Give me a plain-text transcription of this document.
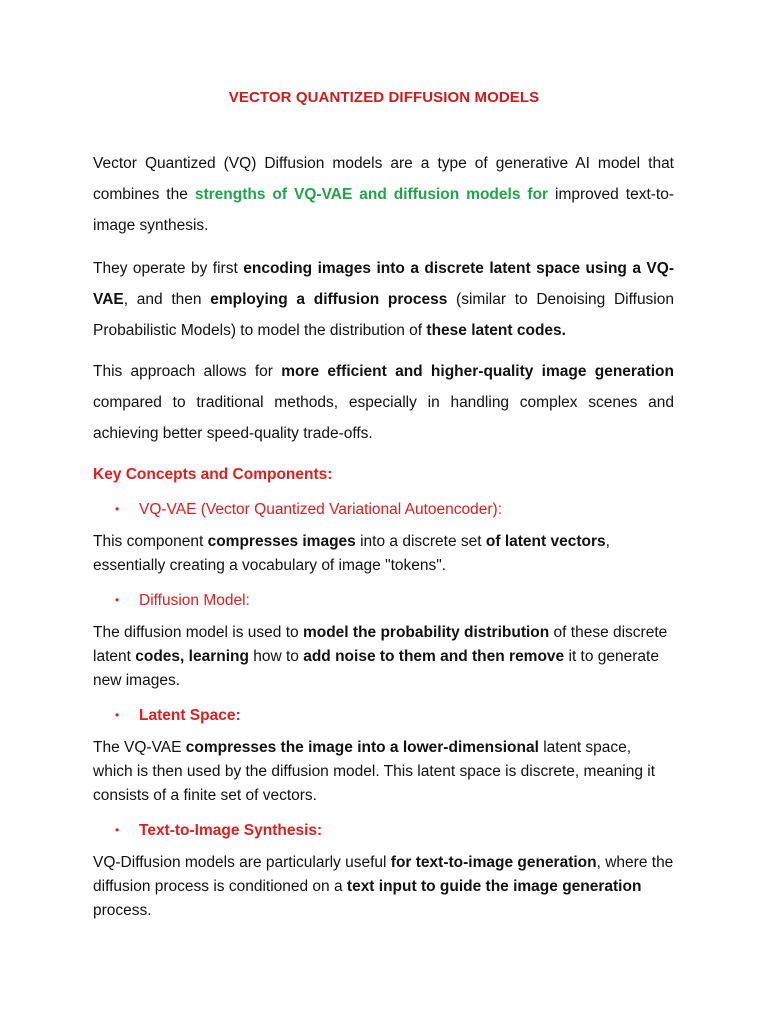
VECTOR QUANTIZED DIFFUSION MODELS

Vector Quantized (VQ) Diffusion models are a type of generative AI model that combines the strengths of VQ-VAE and diffusion models for improved text-to-image synthesis.

They operate by first encoding images into a discrete latent space using a VQ-VAE, and then employing a diffusion process (similar to Denoising Diffusion Probabilistic Models) to model the distribution of these latent codes.

This approach allows for more efficient and higher-quality image generation compared to traditional methods, especially in handling complex scenes and achieving better speed-quality trade-offs.

Key Concepts and Components:
• VQ-VAE (Vector Quantized Variational Autoencoder):

This component compresses images into a discrete set of latent vectors, essentially creating a vocabulary of image "tokens".

• Diffusion Model:

The diffusion model is used to model the probability distribution of these discrete latent codes, learning how to add noise to them and then remove it to generate new images.

• Latent Space:

The VQ-VAE compresses the image into a lower-dimensional latent space, which is then used by the diffusion model. This latent space is discrete, meaning it consists of a finite set of vectors.

• Text-to-Image Synthesis:

VQ-Diffusion models are particularly useful for text-to-image generation, where the diffusion process is conditioned on a text input to guide the image generation process.
